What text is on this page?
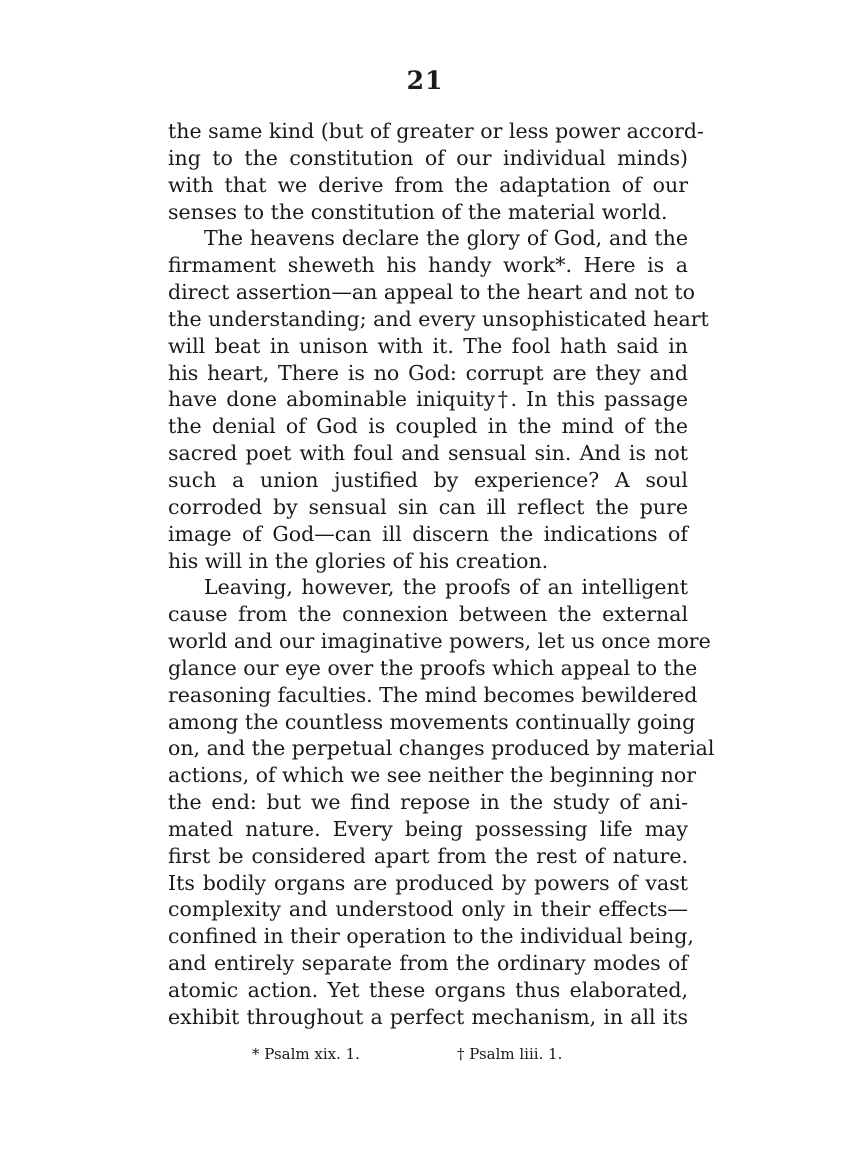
21
the same kind (but of greater or less power accord-
ing to the constitution of our individual minds)
with that we derive from the adaptation of our
senses to the constitution of the material world.
The heavens declare the glory of God, and the
firmament sheweth his handy work*. Here is a
direct assertion—an appeal to the heart and not to
the understanding; and every unsophisticated heart
will beat in unison with it. The fool hath said in
his heart, There is no God: corrupt are they and
have done abominable iniquity†. In this passage
the denial of God is coupled in the mind of the
sacred poet with foul and sensual sin. And is not
such a union justified by experience? A soul
corroded by sensual sin can ill reflect the pure
image of God—can ill discern the indications of
his will in the glories of his creation.
Leaving, however, the proofs of an intelligent
cause from the connexion between the external
world and our imaginative powers, let us once more
glance our eye over the proofs which appeal to the
reasoning faculties. The mind becomes bewildered
among the countless movements continually going
on, and the perpetual changes produced by material
actions, of which we see neither the beginning nor
the end: but we find repose in the study of ani-
mated nature. Every being possessing life may
first be considered apart from the rest of nature.
Its bodily organs are produced by powers of vast
complexity and understood only in their effects—
confined in their operation to the individual being,
and entirely separate from the ordinary modes of
atomic action. Yet these organs thus elaborated,
exhibit throughout a perfect mechanism, in all its
* Psalm xix. 1.	† Psalm liii. 1.
